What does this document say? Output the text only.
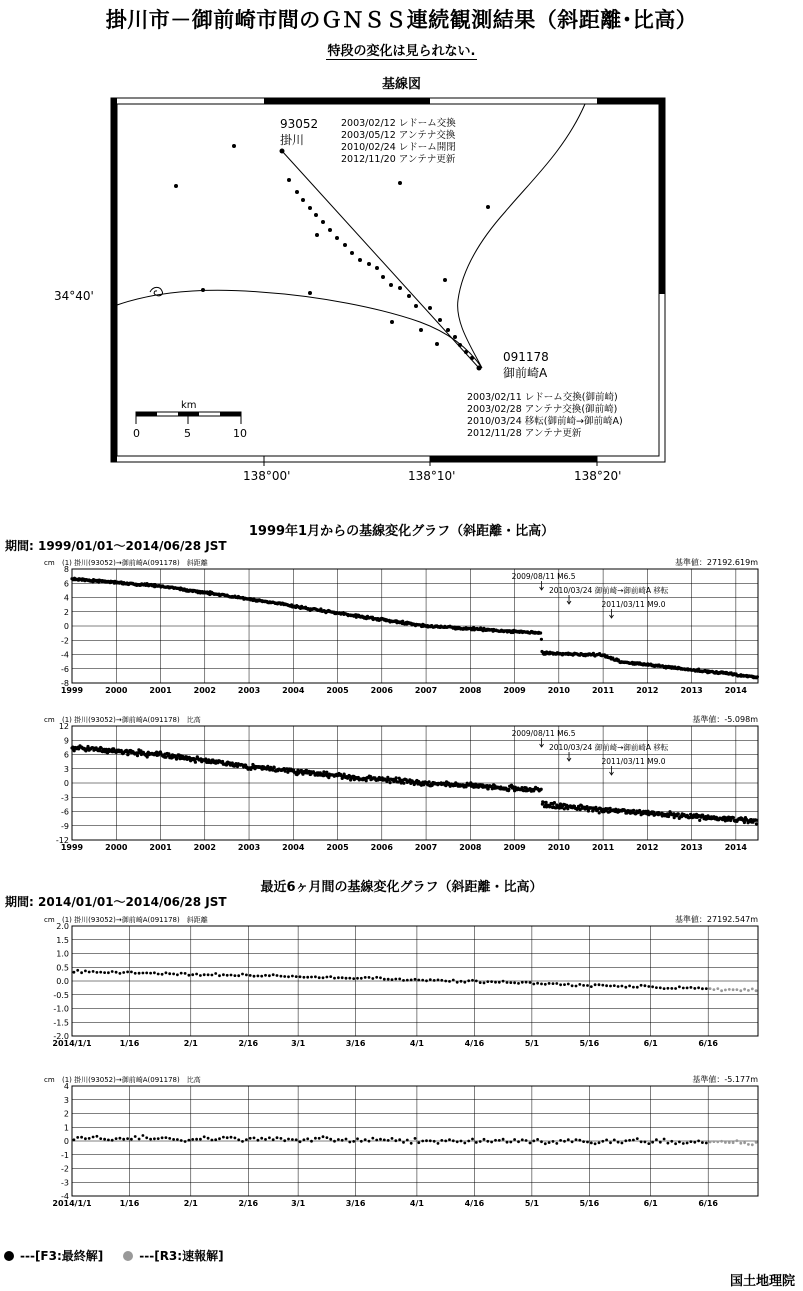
掛川市－御前崎市間のＧＮＳＳ連続観測結果（斜距離･比高）
特段の変化は見られない.
基線図
93052
掛川
2003/02/12 レドーム交換
2003/05/12 アンテナ交換
2010/02/24 レドーム開閉
2012/11/20 アンテナ更新
091178
御前崎A
2003/02/11 レドーム交換(御前崎)
2003/02/28 アンテナ交換(御前崎)
2010/03/24 移転(御前崎→御前崎A)
2012/11/28 アンテナ更新
km
0	5	10
34°40'
138°00'	138°10'	138°20'
1999年1月からの基線変化グラフ（斜距離・比高）
期間: 1999/01/01～2014/06/28 JST
cm (1) 掛川(93052)→御前崎A(091178)　斜距離	基準値：27192.619m
-8
-6
-4
-2
0
2
4
6
8
1999	2000	2001	2002	2003	2004	2005	2006	2007	2008	2009	2010	2011	2012	2013	2014
2009/08/11 M6.5
2010/03/24 御前崎→御前崎A 移転
2011/03/11 M9.0
cm (1) 掛川(93052)→御前崎A(091178)　比高	基準値：-5.098m
-12
-9
-6
-3
0
3
6
9
12
1999	2000	2001	2002	2003	2004	2005	2006	2007	2008	2009	2010	2011	2012	2013	2014
2009/08/11 M6.5
2010/03/24 御前崎→御前崎A 移転
2011/03/11 M9.0
最近6ヶ月間の基線変化グラフ（斜距離・比高）
期間: 2014/01/01～2014/06/28 JST
cm (1) 掛川(93052)→御前崎A(091178)　斜距離	基準値：27192.547m
-2.0
-1.5
-1.0
-0.5
0.0
0.5
1.0
1.5
2.0
2014/1/1	1/16	2/1	2/16	3/1	3/16	4/1	4/16	5/1	5/16	6/1	6/16
cm (1) 掛川(93052)→御前崎A(091178)　比高	基準値：-5.177m
-4
-3
-2
-1
0
1
2
3
4
2014/1/1	1/16	2/1	2/16	3/1	3/16	4/1	4/16	5/1	5/16	6/1	6/16
---[F3:最終解]	---[R3:速報解]
国土地理院
